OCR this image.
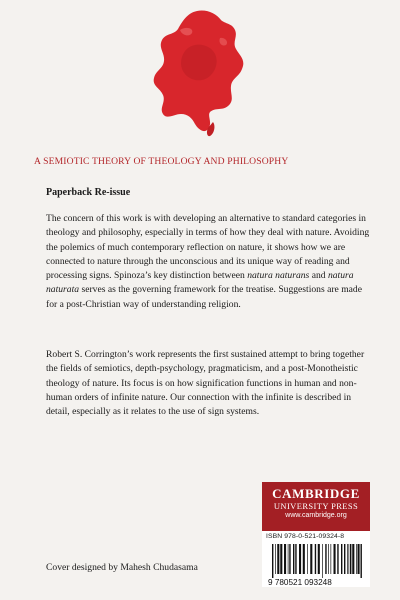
A SEMIOTIC THEORY OF THEOLOGY AND PHILOSOPHY
Paperback Re-issue

The concern of this work is with developing an alternative to standard categories in theology and philosophy, especially in terms of how they deal with nature. Avoiding the polemics of much contemporary reflection on nature, it shows how we are connected to nature through the unconscious and its unique way of reading and processing signs. Spinoza’s key distinction between natura naturans and natura naturata serves as the governing framework for the treatise. Suggestions are made for a post-Christian way of understanding religion.

Robert S. Corrington’s work represents the first sustained attempt to bring together the fields of semiotics, depth-psychology, pragmaticism, and a post-Monotheistic theology of nature. Its focus is on how signification functions in human and non-human orders of infinite nature. Our connection with the infinite is described in detail, especially as it relates to the use of sign systems.

CAMBRIDGE
UNIVERSITY PRESS
www.cambridge.org
ISBN 978-0-521-09324-8
9 780521 093248
Cover designed by Mahesh Chudasama
